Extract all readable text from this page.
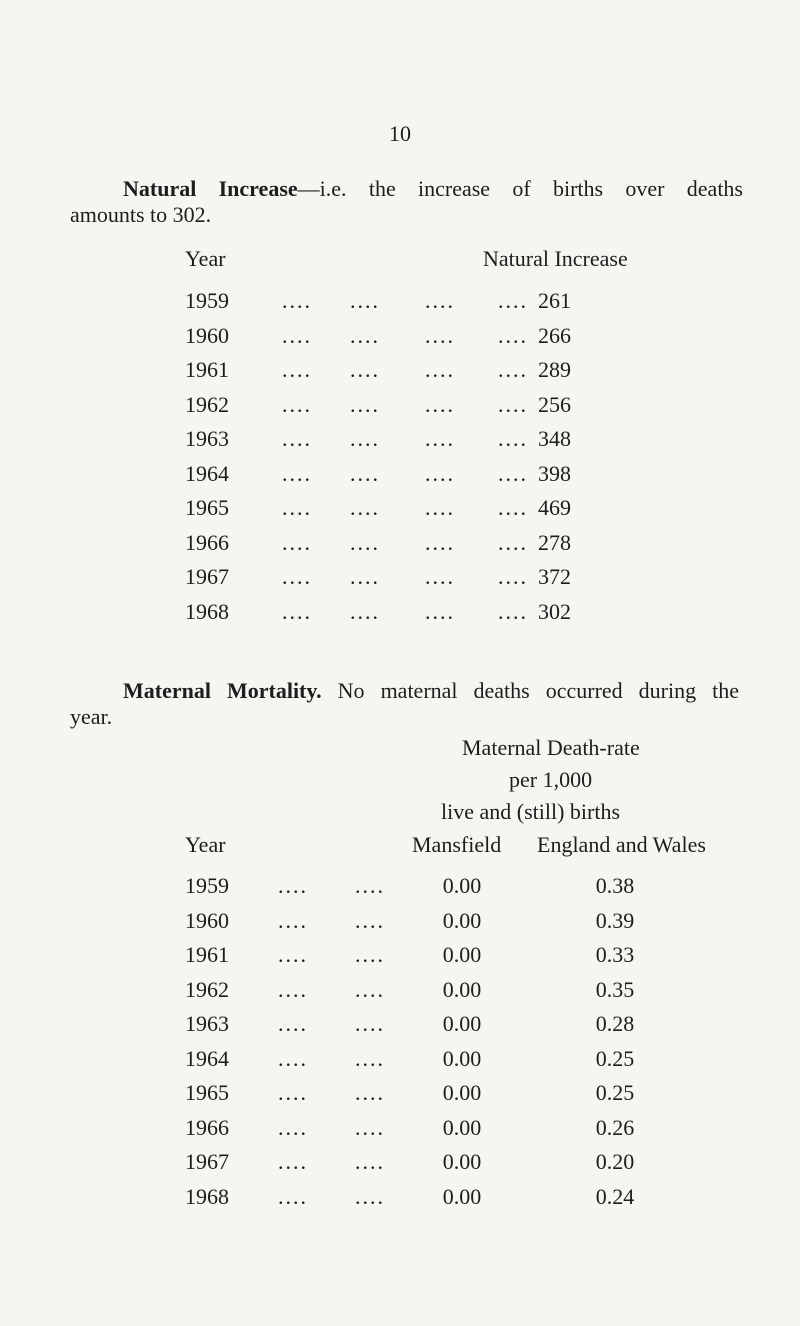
10
Natural Increase—i.e. the increase of births over deaths
amounts to 302.
Year	Natural Increase
1959 .... .... .... .... 261
1960 .... .... .... .... 266
1961 .... .... .... .... 289
1962 .... .... .... .... 256
1963 .... .... .... .... 348
1964 .... .... .... .... 398
1965 .... .... .... .... 469
1966 .... .... .... .... 278
1967 .... .... .... .... 372
1968 .... .... .... .... 302
Maternal Mortality. No maternal deaths occurred during the
year.
Maternal Death-rate
per 1,000
live and (still) births
Year	Mansfield England and Wales
1959 .... ....	0.00	0.38
1960 .... ....	0.00	0.39
1961 .... ....	0.00	0.33
1962 .... ....	0.00	0.35
1963 .... ....	0.00	0.28
1964 .... ....	0.00	0.25
1965 .... ....	0.00	0.25
1966 .... ....	0.00	0.26
1967 .... ....	0.00	0.20
1968 .... ....	0.00	0.24
